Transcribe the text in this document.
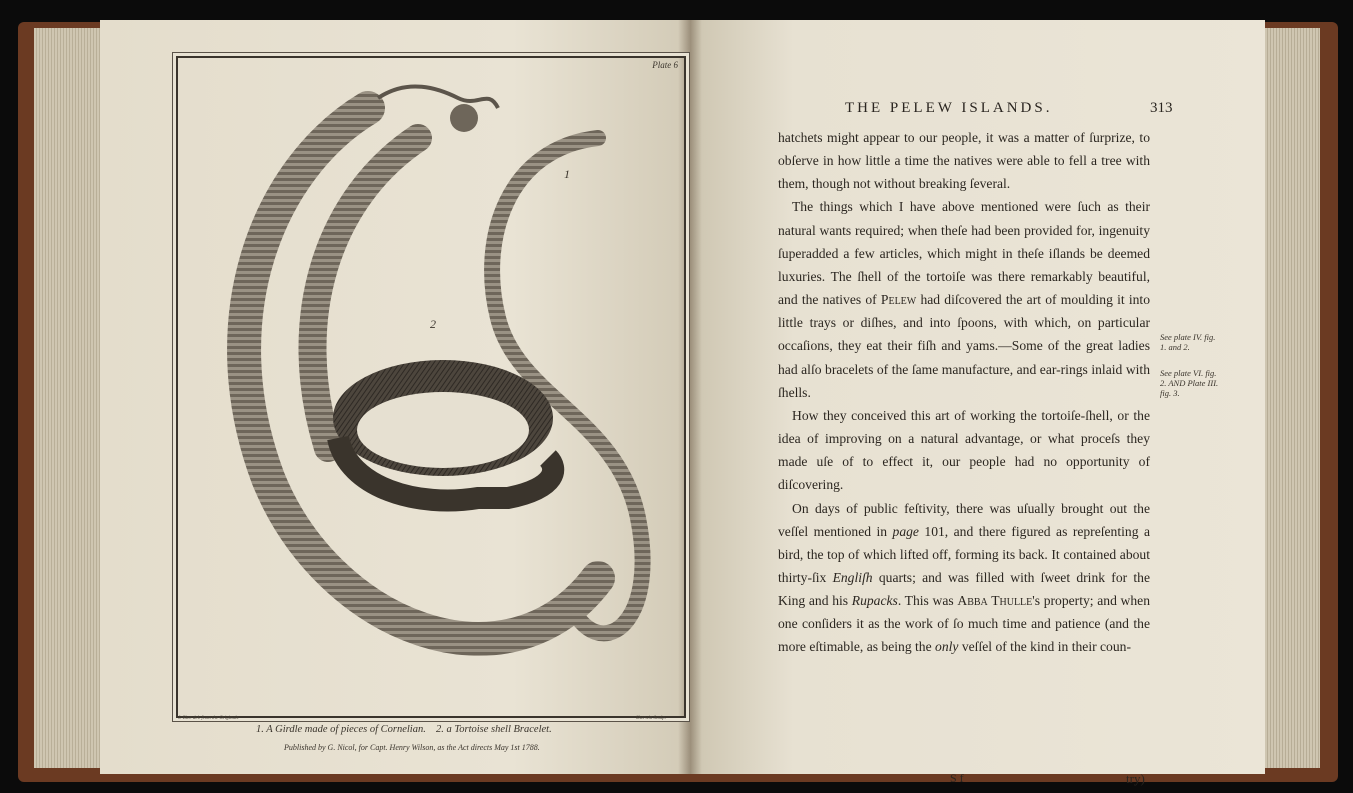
1
2
Plate 6
J. Rice del. from the Originals	Sherwin Sculp.
1. A Girdle made of pieces of Cornelian. 2. a Tortoise shell Bracelet.
Published by G. Nicol, for Capt. Henry Wilson, as the Act directs May 1st 1788.
THE PELEW ISLANDS.	313

hatchets might appear to our people, it was a matter of ſurprize, to obſerve in how little a time the natives were able to fell a tree with them, though not without breaking ſeveral.

The things which I have above mentioned were ſuch as their natural wants required; when theſe had been provided for, ingenuity ſuperadded a few articles, which might in theſe iſlands be deemed luxuries. The ſhell of the tortoiſe was there remarkably beautiful, and the natives of Pelew had diſcovered the art of moulding it into little trays or diſhes, and into ſpoons, with which, on particular occaſions, they eat their fiſh and yams.—Some of the great ladies had alſo bracelets of the ſame manufacture, and ear-rings inlaid with ſhells.

How they conceived this art of working the tortoiſe-ſhell, or the idea of improving on a natural advantage, or what proceſs they made uſe of to effect it, our people had no opportunity of diſcovering.

On days of public feſtivity, there was uſually brought out the veſſel mentioned in page 101, and there figured as repreſenting a bird, the top of which lifted off, forming its back. It contained about thirty-ſix Engliſh quarts; and was filled with ſweet drink for the King and his Rupacks. This was Abba Thulle's property; and when one conſiders it as the work of ſo much time and patience (and the more eſtimable, as being the only veſſel of the kind in their coun-

See plate IV. fig. 1. and 2.
See plate VI. fig. 2. AND Plate III. fig. 3.
S f	try)
